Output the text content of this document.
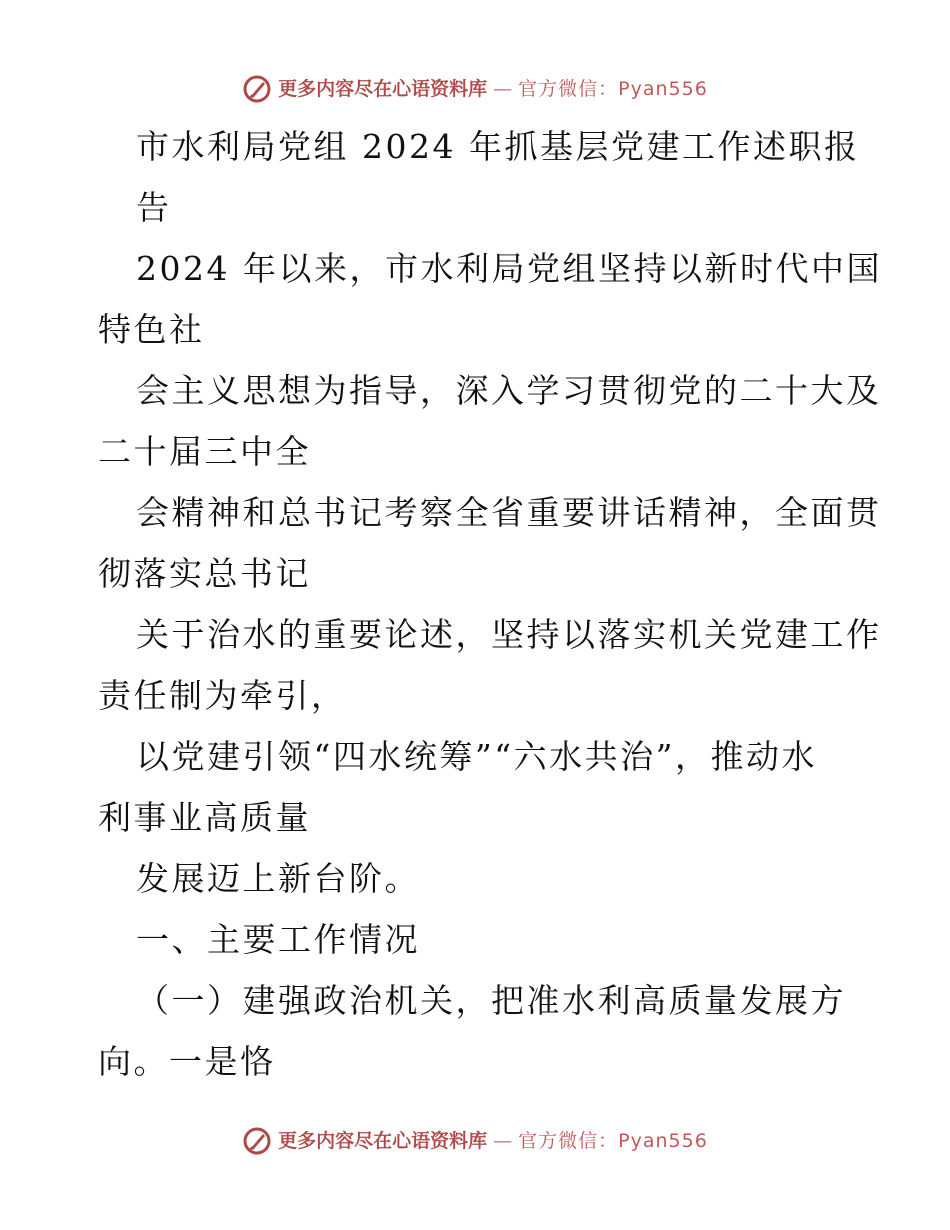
更多内容尽在心语资料库 — 官方微信：Pyan556
市水利局党组 2024 年抓基层党建工作述职报
告
2024 年以来，市水利局党组坚持以新时代中国
特色社
会主义思想为指导，深入学习贯彻党的二十大及
二十届三中全
会精神和总书记考察全省重要讲话精神，全面贯
彻落实总书记
关于治水的重要论述，坚持以落实机关党建工作
责任制为牵引，
以党建引领“四水统筹”“六水共治”，推动水
利事业高质量
发展迈上新台阶。
一、主要工作情况
（一）建强政治机关，把准水利高质量发展方
向。一是恪
更多内容尽在心语资料库 — 官方微信：Pyan556
